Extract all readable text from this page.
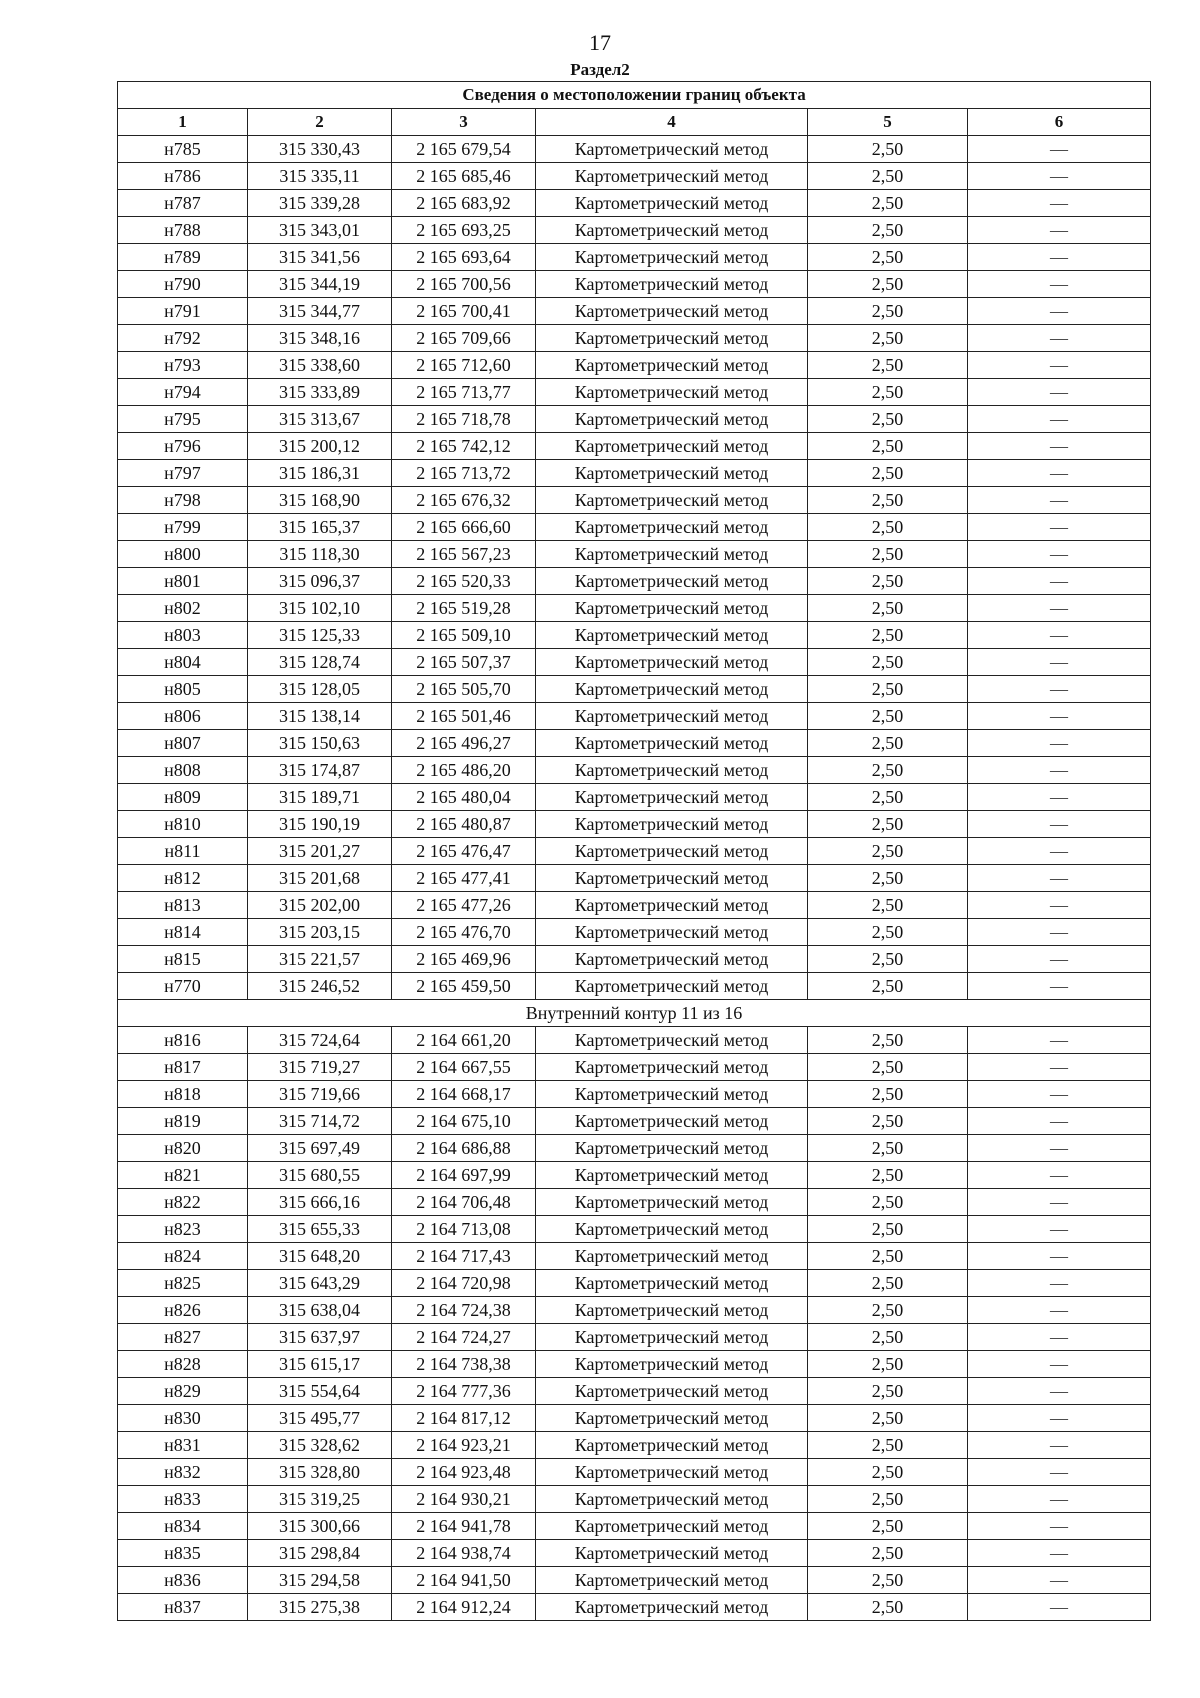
17
Раздел2
Сведения о местоположении границ объекта					
1	2	3	4	5	6
н785	315 330,43	2 165 679,54	Картометрический метод	2,50	—
н786	315 335,11	2 165 685,46	Картометрический метод	2,50	—
н787	315 339,28	2 165 683,92	Картометрический метод	2,50	—
н788	315 343,01	2 165 693,25	Картометрический метод	2,50	—
н789	315 341,56	2 165 693,64	Картометрический метод	2,50	—
н790	315 344,19	2 165 700,56	Картометрический метод	2,50	—
н791	315 344,77	2 165 700,41	Картометрический метод	2,50	—
н792	315 348,16	2 165 709,66	Картометрический метод	2,50	—
н793	315 338,60	2 165 712,60	Картометрический метод	2,50	—
н794	315 333,89	2 165 713,77	Картометрический метод	2,50	—
н795	315 313,67	2 165 718,78	Картометрический метод	2,50	—
н796	315 200,12	2 165 742,12	Картометрический метод	2,50	—
н797	315 186,31	2 165 713,72	Картометрический метод	2,50	—
н798	315 168,90	2 165 676,32	Картометрический метод	2,50	—
н799	315 165,37	2 165 666,60	Картометрический метод	2,50	—
н800	315 118,30	2 165 567,23	Картометрический метод	2,50	—
н801	315 096,37	2 165 520,33	Картометрический метод	2,50	—
н802	315 102,10	2 165 519,28	Картометрический метод	2,50	—
н803	315 125,33	2 165 509,10	Картометрический метод	2,50	—
н804	315 128,74	2 165 507,37	Картометрический метод	2,50	—
н805	315 128,05	2 165 505,70	Картометрический метод	2,50	—
н806	315 138,14	2 165 501,46	Картометрический метод	2,50	—
н807	315 150,63	2 165 496,27	Картометрический метод	2,50	—
н808	315 174,87	2 165 486,20	Картометрический метод	2,50	—
н809	315 189,71	2 165 480,04	Картометрический метод	2,50	—
н810	315 190,19	2 165 480,87	Картометрический метод	2,50	—
н811	315 201,27	2 165 476,47	Картометрический метод	2,50	—
н812	315 201,68	2 165 477,41	Картометрический метод	2,50	—
н813	315 202,00	2 165 477,26	Картометрический метод	2,50	—
н814	315 203,15	2 165 476,70	Картометрический метод	2,50	—
н815	315 221,57	2 165 469,96	Картометрический метод	2,50	—
н770	315 246,52	2 165 459,50	Картометрический метод	2,50	—
Внутренний контур 11 из 16					
н816	315 724,64	2 164 661,20	Картометрический метод	2,50	—
н817	315 719,27	2 164 667,55	Картометрический метод	2,50	—
н818	315 719,66	2 164 668,17	Картометрический метод	2,50	—
н819	315 714,72	2 164 675,10	Картометрический метод	2,50	—
н820	315 697,49	2 164 686,88	Картометрический метод	2,50	—
н821	315 680,55	2 164 697,99	Картометрический метод	2,50	—
н822	315 666,16	2 164 706,48	Картометрический метод	2,50	—
н823	315 655,33	2 164 713,08	Картометрический метод	2,50	—
н824	315 648,20	2 164 717,43	Картометрический метод	2,50	—
н825	315 643,29	2 164 720,98	Картометрический метод	2,50	—
н826	315 638,04	2 164 724,38	Картометрический метод	2,50	—
н827	315 637,97	2 164 724,27	Картометрический метод	2,50	—
н828	315 615,17	2 164 738,38	Картометрический метод	2,50	—
н829	315 554,64	2 164 777,36	Картометрический метод	2,50	—
н830	315 495,77	2 164 817,12	Картометрический метод	2,50	—
н831	315 328,62	2 164 923,21	Картометрический метод	2,50	—
н832	315 328,80	2 164 923,48	Картометрический метод	2,50	—
н833	315 319,25	2 164 930,21	Картометрический метод	2,50	—
н834	315 300,66	2 164 941,78	Картометрический метод	2,50	—
н835	315 298,84	2 164 938,74	Картометрический метод	2,50	—
н836	315 294,58	2 164 941,50	Картометрический метод	2,50	—
н837	315 275,38	2 164 912,24	Картометрический метод	2,50	—
